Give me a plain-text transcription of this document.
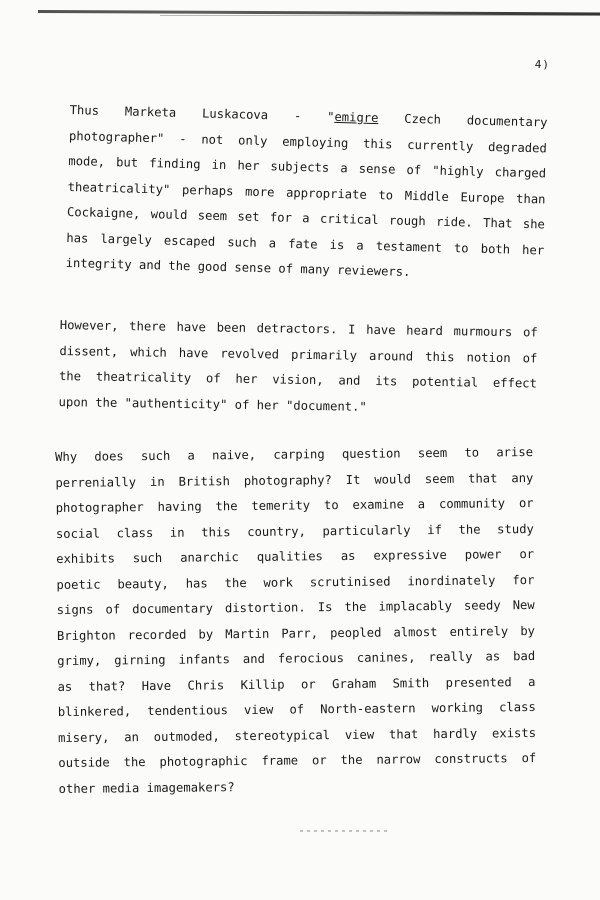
4)
Thus Marketa Luskacova - "emigre Czech documentary
photographer" - not only employing this currently degraded
mode, but finding in her subjects a sense of "highly charged
theatricality" perhaps more appropriate to Middle Europe than
Cockaigne, would seem set for a critical rough ride. That she
has largely escaped such a fate is a testament to both her
integrity and the good sense of many reviewers.
However, there have been detractors. I have heard murmours of
dissent, which have revolved primarily around this notion of
the theatricality of her vision, and its potential effect
upon the "authenticity" of her "document."
Why does such a naive, carping question seem to arise
perrenially in British photography? It would seem that any
photographer having the temerity to examine a community or
social class in this country, particularly if the study
exhibits such anarchic qualities as expressive power or
poetic beauty, has the work scrutinised inordinately for
signs of documentary distortion. Is the implacably seedy New
Brighton recorded by Martin Parr, peopled almost entirely by
grimy, girning infants and ferocious canines, really as bad
as that? Have Chris Killip or Graham Smith presented a
blinkered, tendentious view of North-eastern working class
misery, an outmoded, stereotypical view that hardly exists
outside the photographic frame or the narrow constructs of
other media imagemakers?
